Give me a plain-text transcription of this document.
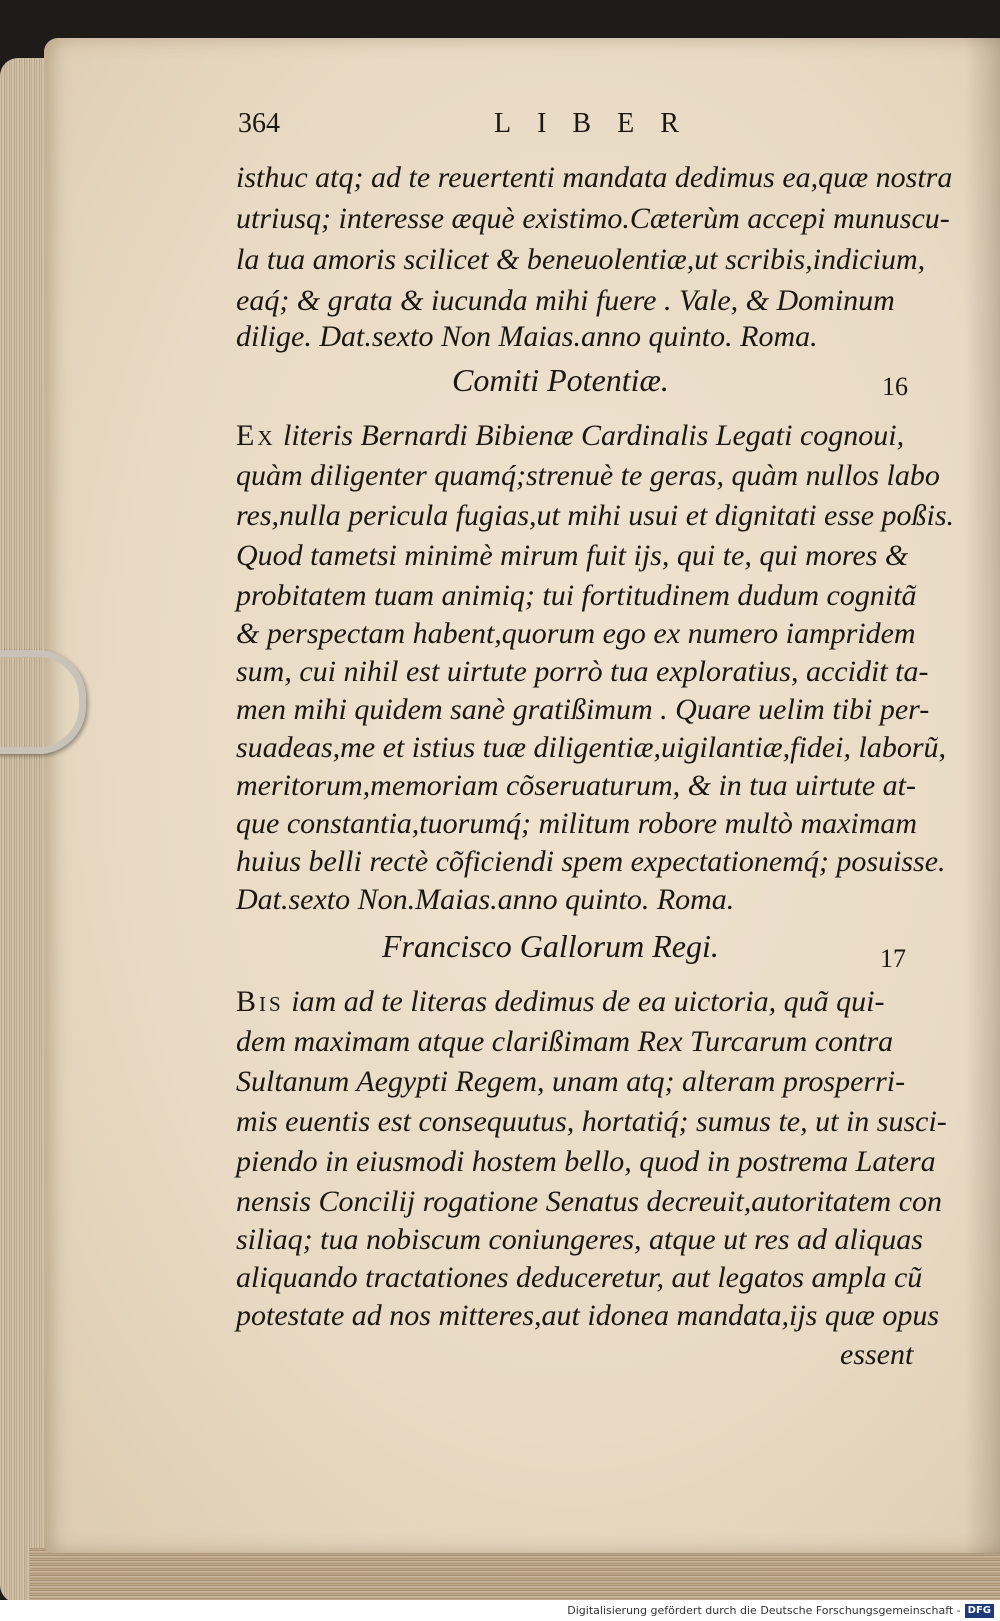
364	LIBER
isthuc atq; ad te reuertenti mandata dedimus ea,quæ nostra
utriusq; interesse æquè existimo.Cæterùm accepi munuscu-
la tua amoris scilicet & beneuolentiæ,ut scribis,indicium,
eaq́; & grata & iucunda mihi fuere . Vale, & Dominum
dilige. Dat.sexto Non Maias.anno quinto. Roma.
Comiti Potentiæ.	16
Ex literis Bernardi Bibienæ Cardinalis Legati cognoui,
quàm diligenter quamq́;strenuè te geras, quàm nullos labo
res,nulla pericula fugias,ut mihi usui et dignitati esse poßis.
Quod tametsi minimè mirum fuit ijs, qui te, qui mores &
probitatem tuam animiq; tui fortitudinem dudum cognitã
& perspectam habent,quorum ego ex numero iampridem
sum, cui nihil est uirtute porrò tua exploratius, accidit ta-
men mihi quidem sanè gratißimum . Quare uelim tibi per-
suadeas,me et istius tuæ diligentiæ,uigilantiæ,fidei, laborũ,
meritorum,memoriam cõseruaturum, & in tua uirtute at-
que constantia,tuorumq́; militum robore multò maximam
huius belli rectè cõficiendi spem expectationemq́; posuisse.
Dat.sexto Non.Maias.anno quinto. Roma.
Francisco Gallorum Regi.	17
Bis iam ad te literas dedimus de ea uictoria, quã qui-
dem maximam atque clarißimam Rex Turcarum contra
Sultanum Aegypti Regem, unam atq; alteram prosperri-
mis euentis est consequutus, hortatiq́; sumus te, ut in susci-
piendo in eiusmodi hostem bello, quod in postrema Latera
nensis Concilij rogatione Senatus decreuit,autoritatem con
siliaq; tua nobiscum coniungeres, atque ut res ad aliquas
aliquando tractationes deduceretur, aut legatos ampla cũ
potestate ad nos mitteres,aut idonea mandata,ijs quæ opus
essent
Digitalisierung gefördert durch die Deutsche Forschungsgemeinschaft - DFG
